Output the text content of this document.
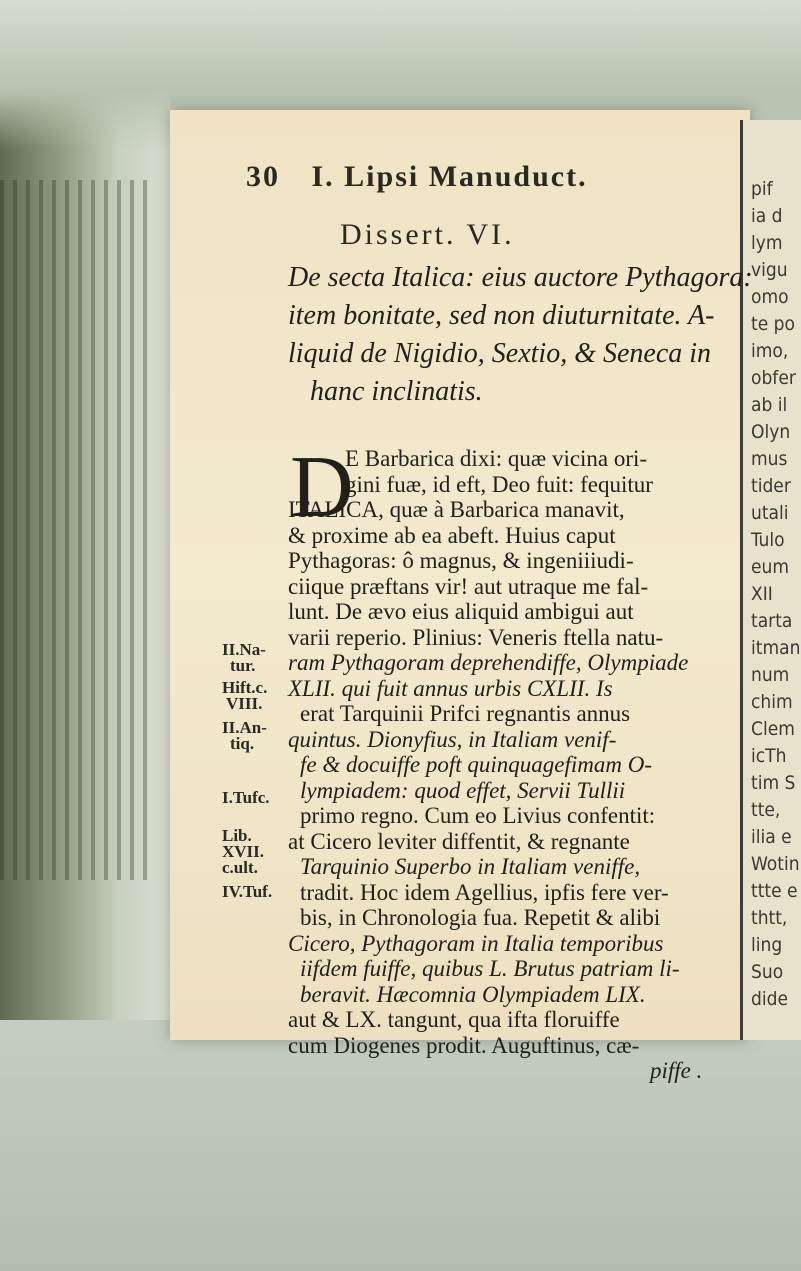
pif
ia d
lym
vigu
omo
te po
imo,
obfer
ab il
Olyn
mus
tider
utali
Tulo
eum
XII
tarta
itman
num
chim
Clem
icTh
tim S
tte,
ilia e
Wotin
ttte e
thtt,
ling
Suo
dide
30 I. Lipsi Manuduct.
Dissert. VI.
De secta Italica: eius auctore Pythagora:
item bonitate, sed non diuturnitate. A-
liquid de Nigidio, Sextio, & Seneca in
hanc inclinatis.
D
E Barbarica dixi: quæ vicina ori-
gini fuæ, id eft, Deo fuit: fequitur
ITALICA, quæ à Barbarica manavit,
& proxime ab ea abeft. Huius caput
Pythagoras: ô magnus, & ingeniiiudi-
ciique præftans vir! aut utraque me fal-
lunt. De ævo eius aliquid ambigui aut
varii reperio. Plinius: Veneris ftella natu-
ram Pythagoram deprehendiffe, Olympiade
XLII. qui fuit annus urbis CXLII. Is
erat Tarquinii Prifci regnantis annus
quintus. Dionyfius, in Italiam venif-
fe & docuiffe poft quinquagefimam O-
lympiadem: quod effet, Servii Tullii
primo regno. Cum eo Livius confentit:
at Cicero leviter diffentit, & regnante
Tarquinio Superbo in Italiam veniffe,
tradit. Hoc idem Agellius, ipfis fere ver-
bis, in Chronologia fua. Repetit & alibi
Cicero, Pythagoram in Italia temporibus
iifdem fuiffe, quibus L. Brutus patriam li-
beravit. Hæcomnia Olympiadem LIX.
aut & LX. tangunt, qua ifta floruiffe
cum Diogenes prodit. Auguftinus, cæ-
piffe .
II.Na-
tur.
Hift.c.
VIII.
II.An-
tiq.
I.Tufc.
Lib.
XVII.
c.ult.
IV.Tuf.
